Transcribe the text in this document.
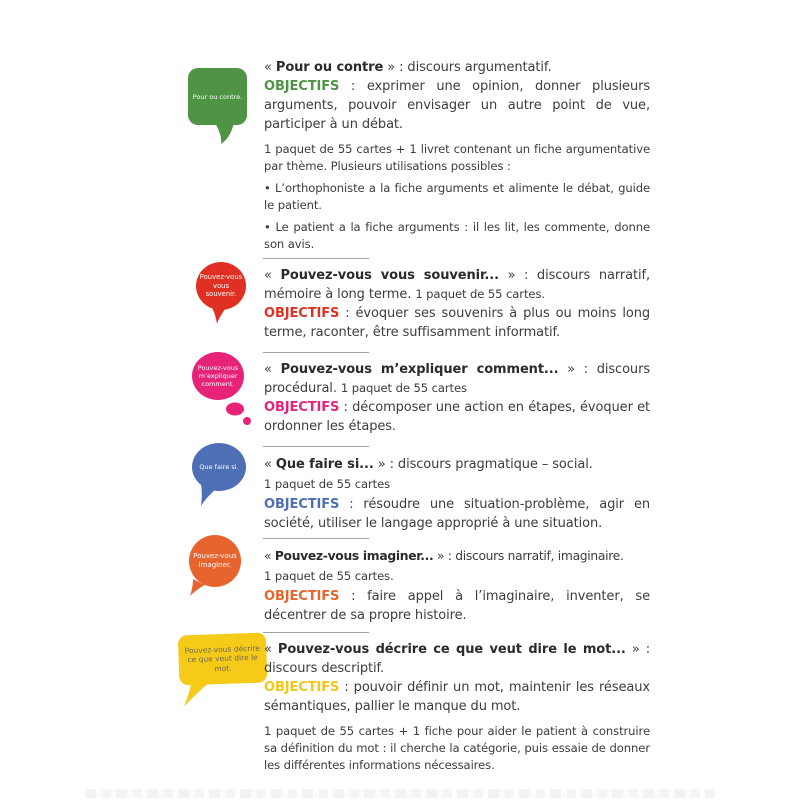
Pour ou contre.

« Pour ou contre » : discours argumentatif.

OBJECTIFS : exprimer une opinion, donner plusieurs arguments, pouvoir envisager un autre point de vue, participer à un débat.

1 paquet de 55 cartes + 1 livret contenant un fiche argumentative par thème. Plusieurs utilisations possibles :

• L’orthophoniste a la fiche arguments et alimente le débat, guide le patient.

• Le patient a la fiche arguments : il les lit, les commente, donne son avis.

Pouvez-vous vous souvenir.

« Pouvez-vous vous souvenir... » : discours narratif, mémoire à long terme. 1 paquet de 55 cartes.

OBJECTIFS : évoquer ses souvenirs à plus ou moins long terme, raconter, être suffisamment informatif.

Pouvez-vous m’expliquer comment.

« Pouvez-vous m’expliquer comment... » : discours procédural. 1 paquet de 55 cartes

OBJECTIFS : décomposer une action en étapes, évoquer et ordonner les étapes.

Que faire si. « Que faire si... » : discours pragmatique – social.

1 paquet de 55 cartes

OBJECTIFS : résoudre une situation-problème, agir en société, utiliser le langage approprié à une situation.

Pouvez-vous imaginer.

« Pouvez-vous imaginer... » : discours narratif, imaginaire.

1 paquet de 55 cartes.

OBJECTIFS : faire appel à l’imaginaire, inventer, se décentrer de sa propre histoire.

Pouvez-vous décrire ce que veut dire le mot.

« Pouvez-vous décrire ce que veut dire le mot... » : discours descriptif.

OBJECTIFS : pouvoir définir un mot, maintenir les réseaux sémantiques, pallier le manque du mot.

1 paquet de 55 cartes + 1 fiche pour aider le patient à construire sa définition du mot : il cherche la catégorie, puis essaie de donner les différentes informations nécessaires.
